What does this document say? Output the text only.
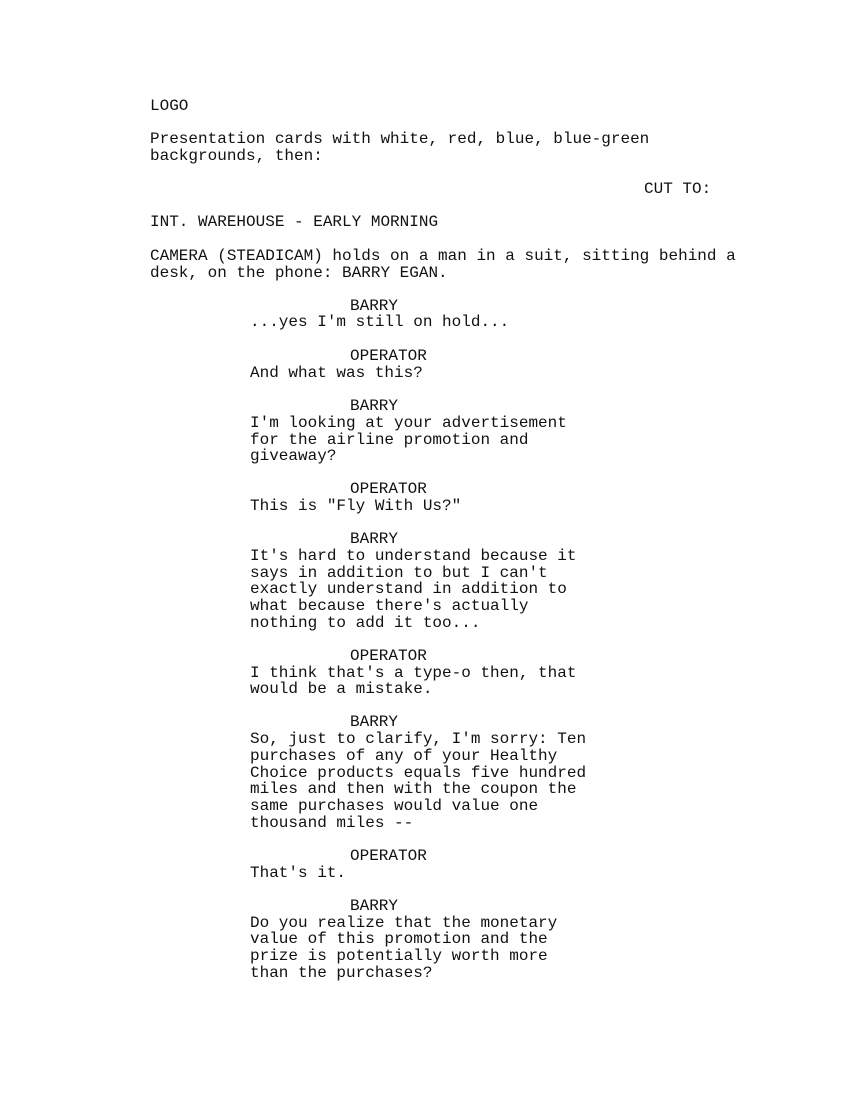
LOGO

Presentation cards with white, red, blue, blue-green

backgrounds, then:

CUT TO:

INT. WAREHOUSE - EARLY MORNING

CAMERA (STEADICAM) holds on a man in a suit, sitting behind a

desk, on the phone: BARRY EGAN.

BARRY

...yes I'm still on hold...

OPERATOR

And what was this?

BARRY

I'm looking at your advertisement

for the airline promotion and

giveaway?

OPERATOR

This is "Fly With Us?"

BARRY

It's hard to understand because it

says in addition to but I can't

exactly understand in addition to

what because there's actually

nothing to add it too...

OPERATOR

I think that's a type-o then, that

would be a mistake.

BARRY

So, just to clarify, I'm sorry: Ten

purchases of any of your Healthy

Choice products equals five hundred

miles and then with the coupon the

same purchases would value one

thousand miles --

OPERATOR

That's it.

BARRY

Do you realize that the monetary

value of this promotion and the

prize is potentially worth more

than the purchases?
